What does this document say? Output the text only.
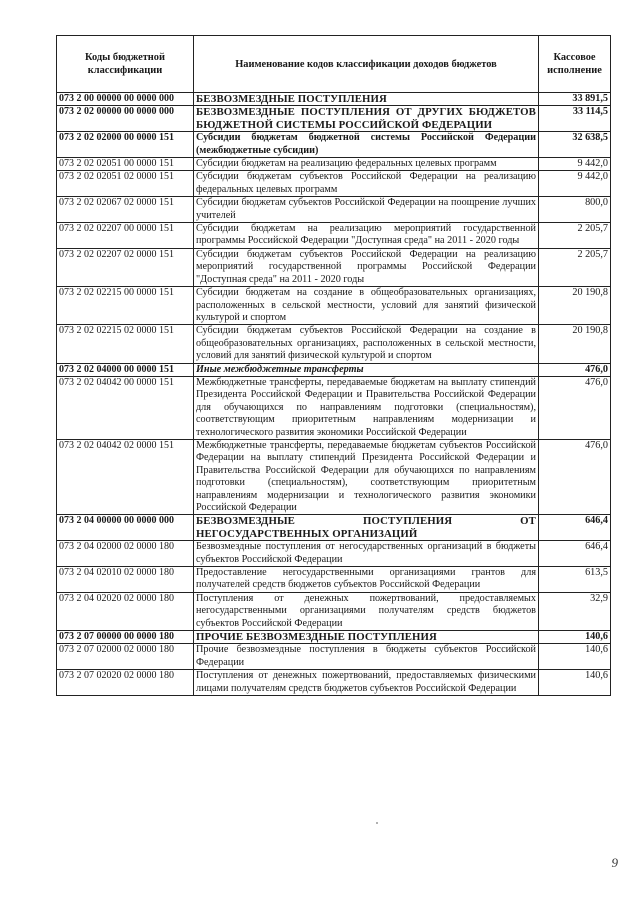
Коды бюджетной классификации	Наименование кодов классификации доходов бюджетов	Кассовое исполнение
073 2 00 00000 00 0000 000	БЕЗВОЗМЕЗДНЫЕ ПОСТУПЛЕНИЯ	33 891,5
073 2 02 00000 00 0000 000	БЕЗВОЗМЕЗДНЫЕ ПОСТУПЛЕНИЯ ОТ ДРУГИХ БЮДЖЕТОВ БЮДЖЕТНОЙ СИСТЕМЫ РОССИЙСКОЙ ФЕДЕРАЦИИ	33 114,5
073 2 02 02000 00 0000 151	Субсидии бюджетам бюджетной системы Российской Федерации (межбюджетные субсидии)	32 638,5
073 2 02 02051 00 0000 151	Субсидии бюджетам на реализацию федеральных целевых программ	9 442,0
073 2 02 02051 02 0000 151	Субсидии бюджетам субъектов Российской Федерации на реализацию федеральных целевых программ	9 442,0
073 2 02 02067 02 0000 151	Субсидии бюджетам субъектов Российской Федерации на поощрение лучших учителей	800,0
073 2 02 02207 00 0000 151	Субсидии бюджетам на реализацию мероприятий государственной программы Российской Федерации "Доступная среда" на 2011 - 2020 годы	2 205,7
073 2 02 02207 02 0000 151	Субсидии бюджетам субъектов Российской Федерации на реализацию мероприятий государственной программы Российской Федерации "Доступная среда" на 2011 - 2020 годы	2 205,7
073 2 02 02215 00 0000 151	Субсидии бюджетам на создание в общеобразовательных организациях, расположенных в сельской местности, условий для занятий физической культурой и спортом	20 190,8
073 2 02 02215 02 0000 151	Субсидии бюджетам субъектов Российской Федерации на создание в общеобразовательных организациях, расположенных в сельской местности, условий для занятий физической культурой и спортом	20 190,8
073 2 02 04000 00 0000 151	Иные межбюджетные трансферты	476,0
073 2 02 04042 00 0000 151	Межбюджетные трансферты, передаваемые бюджетам на выплату стипендий Президента Российской Федерации и Правительства Российской Федерации для обучающихся по направлениям подготовки (специальностям), соответствующим приоритетным направлениям модернизации и технологического развития экономики Российской Федерации	476,0
073 2 02 04042 02 0000 151	Межбюджетные трансферты, передаваемые бюджетам субъектов Российской Федерации на выплату стипендий Президента Российской Федерации и Правительства Российской Федерации для обучающихся по направлениям подготовки (специальностям), соответствующим приоритетным направлениям модернизации и технологического развития экономики Российской Федерации	476,0
073 2 04 00000 00 0000 000	БЕЗВОЗМЕЗДНЫЕ ПОСТУПЛЕНИЯ ОТ НЕГОСУДАРСТВЕННЫХ ОРГАНИЗАЦИЙ	646,4
073 2 04 02000 02 0000 180	Безвозмездные поступления от негосударственных организаций в бюджеты субъектов Российской Федерации	646,4
073 2 04 02010 02 0000 180	Предоставление негосударственными организациями грантов для получателей средств бюджетов субъектов Российской Федерации	613,5
073 2 04 02020 02 0000 180	Поступления от денежных пожертвований, предоставляемых негосударственными организациями получателям средств бюджетов субъектов Российской Федерации	32,9
073 2 07 00000 00 0000 180	ПРОЧИЕ БЕЗВОЗМЕЗДНЫЕ ПОСТУПЛЕНИЯ	140,6
073 2 07 02000 02 0000 180	Прочие безвозмездные поступления в бюджеты субъектов Российской Федерации	140,6
073 2 07 02020 02 0000 180	Поступления от денежных пожертвований, предоставляемых физическими лицами получателям средств бюджетов субъектов Российской Федерации	140,6
9
